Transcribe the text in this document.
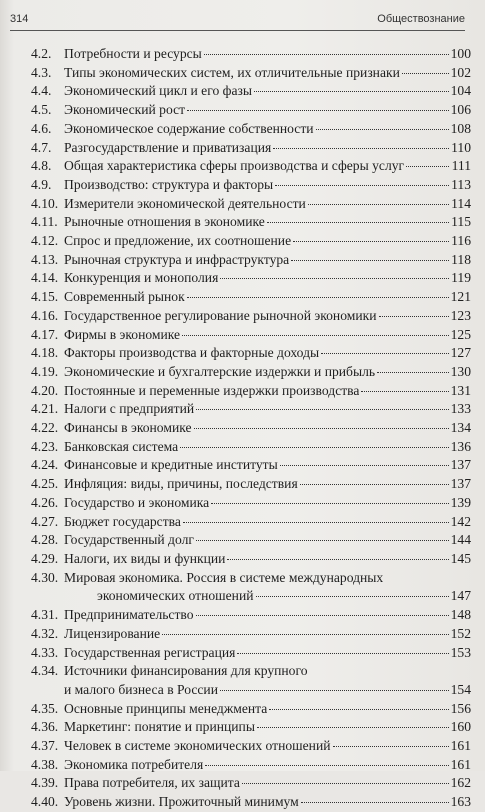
314	Обществознание
4.2. Потребности и ресурсы	100
4.3. Типы экономических систем, их отличительные признаки	102
4.4. Экономический цикл и его фазы	104
4.5. Экономический рост	106
4.6. Экономическое содержание собственности	108
4.7. Разгосударствление и приватизация	110
4.8. Общая характеристика сферы производства и сферы услуг	111
4.9. Производство: структура и факторы	113
4.10. Измерители экономической деятельности	114
4.11. Рыночные отношения в экономике	115
4.12. Спрос и предложение, их соотношение	116
4.13. Рыночная структура и инфраструктура	118
4.14. Конкуренция и монополия	119
4.15. Современный рынок	121
4.16. Государственное регулирование рыночной экономики	123
4.17. Фирмы в экономике	125
4.18. Факторы производства и факторные доходы	127
4.19. Экономические и бухгалтерские издержки и прибыль	130
4.20. Постоянные и переменные издержки производства	131
4.21. Налоги с предприятий	133
4.22. Финансы в экономике	134
4.23. Банковская система	136
4.24. Финансовые и кредитные институты	137
4.25. Инфляция: виды, причины, последствия	137
4.26. Государство и экономика	139
4.27. Бюджет государства	142
4.28. Государственный долг	144
4.29. Налоги, их виды и функции	145
4.30. Мировая экономика. Россия в системе международных
экономических отношений	147
4.31. Предпринимательство	148
4.32. Лицензирование	152
4.33. Государственная регистрация	153
4.34. Источники финансирования для крупного
и малого бизнеса в России	154
4.35. Основные принципы менеджмента	156
4.36. Маркетинг: понятие и принципы	160
4.37. Человек в системе экономических отношений	161
4.38. Экономика потребителя	161
4.39. Права потребителя, их защита	162
4.40. Уровень жизни. Прожиточный минимум	163
